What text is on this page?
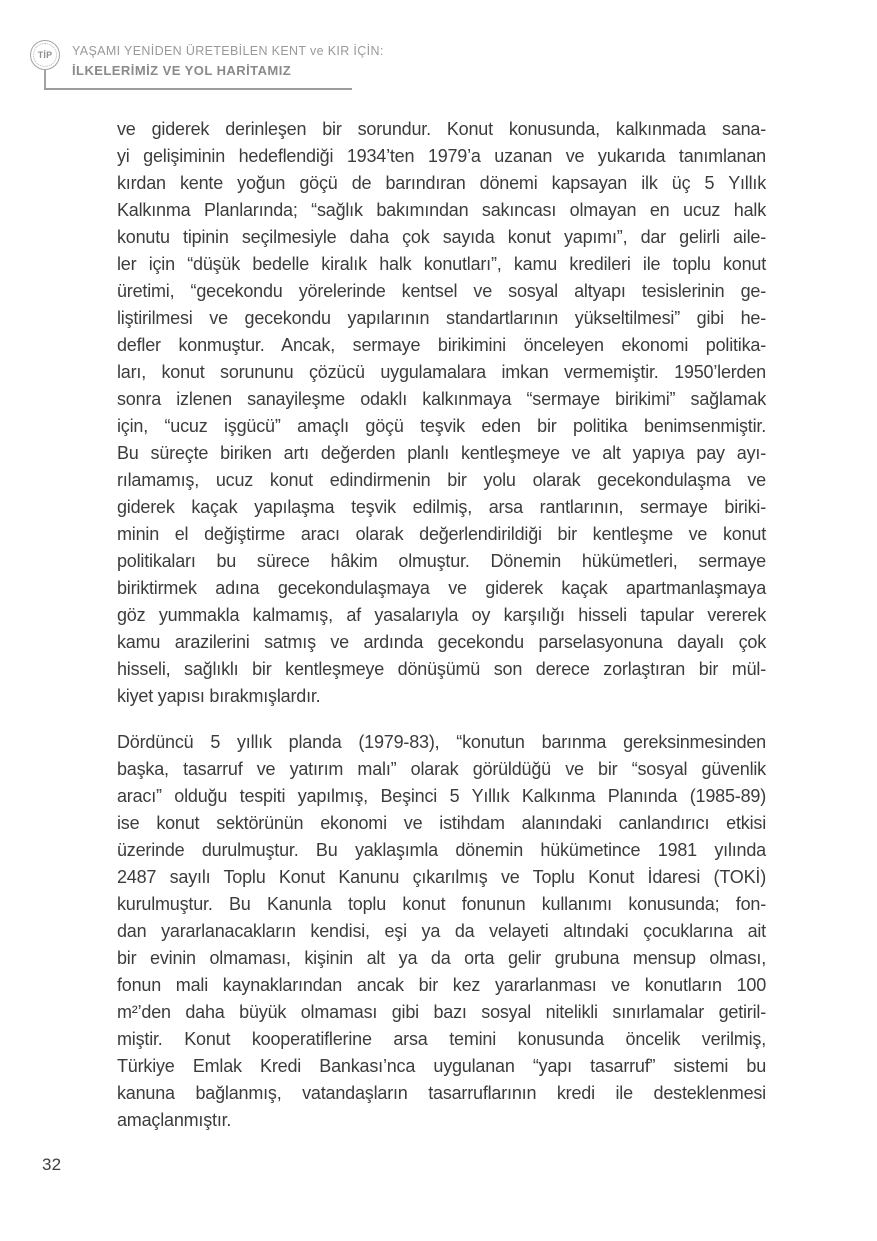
TİP YAŞAMI YENİDEN ÜRETEBİLEN KENT ve KIR İÇİN:
İLKELERİMİZ VE YOL HARİTAMIZ
ve giderek derinleşen bir sorundur. Konut konusunda, kalkınmada sana-
yi gelişiminin hedeflendiği 1934’ten 1979’a uzanan ve yukarıda tanımlanan
kırdan kente yoğun göçü de barındıran dönemi kapsayan ilk üç 5 Yıllık
Kalkınma Planlarında; “sağlık bakımından sakıncası olmayan en ucuz halk
konutu tipinin seçilmesiyle daha çok sayıda konut yapımı”, dar gelirli aile-
ler için “düşük bedelle kiralık halk konutları”, kamu kredileri ile toplu konut
üretimi, “gecekondu yörelerinde kentsel ve sosyal altyapı tesislerinin ge-
liştirilmesi ve gecekondu yapılarının standartlarının yükseltilmesi” gibi he-
defler konmuştur. Ancak, sermaye birikimini önceleyen ekonomi politika-
ları, konut sorununu çözücü uygulamalara imkan vermemiştir. 1950’lerden
sonra izlenen sanayileşme odaklı kalkınmaya “sermaye birikimi” sağlamak
için, “ucuz işgücü” amaçlı göçü teşvik eden bir politika benimsenmiştir.
Bu süreçte biriken artı değerden planlı kentleşmeye ve alt yapıya pay ayı-
rılamamış, ucuz konut edindirmenin bir yolu olarak gecekondulaşma ve
giderek kaçak yapılaşma teşvik edilmiş, arsa rantlarının, sermaye biriki-
minin el değiştirme aracı olarak değerlendirildiği bir kentleşme ve konut
politikaları bu sürece hâkim olmuştur. Dönemin hükümetleri, sermaye
biriktirmek adına gecekondulaşmaya ve giderek kaçak apartmanlaşmaya
göz yummakla kalmamış, af yasalarıyla oy karşılığı hisseli tapular vererek
kamu arazilerini satmış ve ardında gecekondu parselasyonuna dayalı çok
hisseli, sağlıklı bir kentleşmeye dönüşümü son derece zorlaştıran bir mül-
kiyet yapısı bırakmışlardır.
Dördüncü 5 yıllık planda (1979-83), “konutun barınma gereksinmesinden
başka, tasarruf ve yatırım malı” olarak görüldüğü ve bir “sosyal güvenlik
aracı” olduğu tespiti yapılmış, Beşinci 5 Yıllık Kalkınma Planında (1985-89)
ise konut sektörünün ekonomi ve istihdam alanındaki canlandırıcı etkisi
üzerinde durulmuştur. Bu yaklaşımla dönemin hükümetince 1981 yılında
2487 sayılı Toplu Konut Kanunu çıkarılmış ve Toplu Konut İdaresi (TOKİ)
kurulmuştur. Bu Kanunla toplu konut fonunun kullanımı konusunda; fon-
dan yararlanacakların kendisi, eşi ya da velayeti altındaki çocuklarına ait
bir evinin olmaması, kişinin alt ya da orta gelir grubuna mensup olması,
fonun mali kaynaklarından ancak bir kez yararlanması ve konutların 100
m²’den daha büyük olmaması gibi bazı sosyal nitelikli sınırlamalar getiril-
miştir. Konut kooperatiflerine arsa temini konusunda öncelik verilmiş,
Türkiye Emlak Kredi Bankası’nca uygulanan “yapı tasarruf” sistemi bu
kanuna bağlanmış, vatandaşların tasarruflarının kredi ile desteklenmesi
amaçlanmıştır.
32
